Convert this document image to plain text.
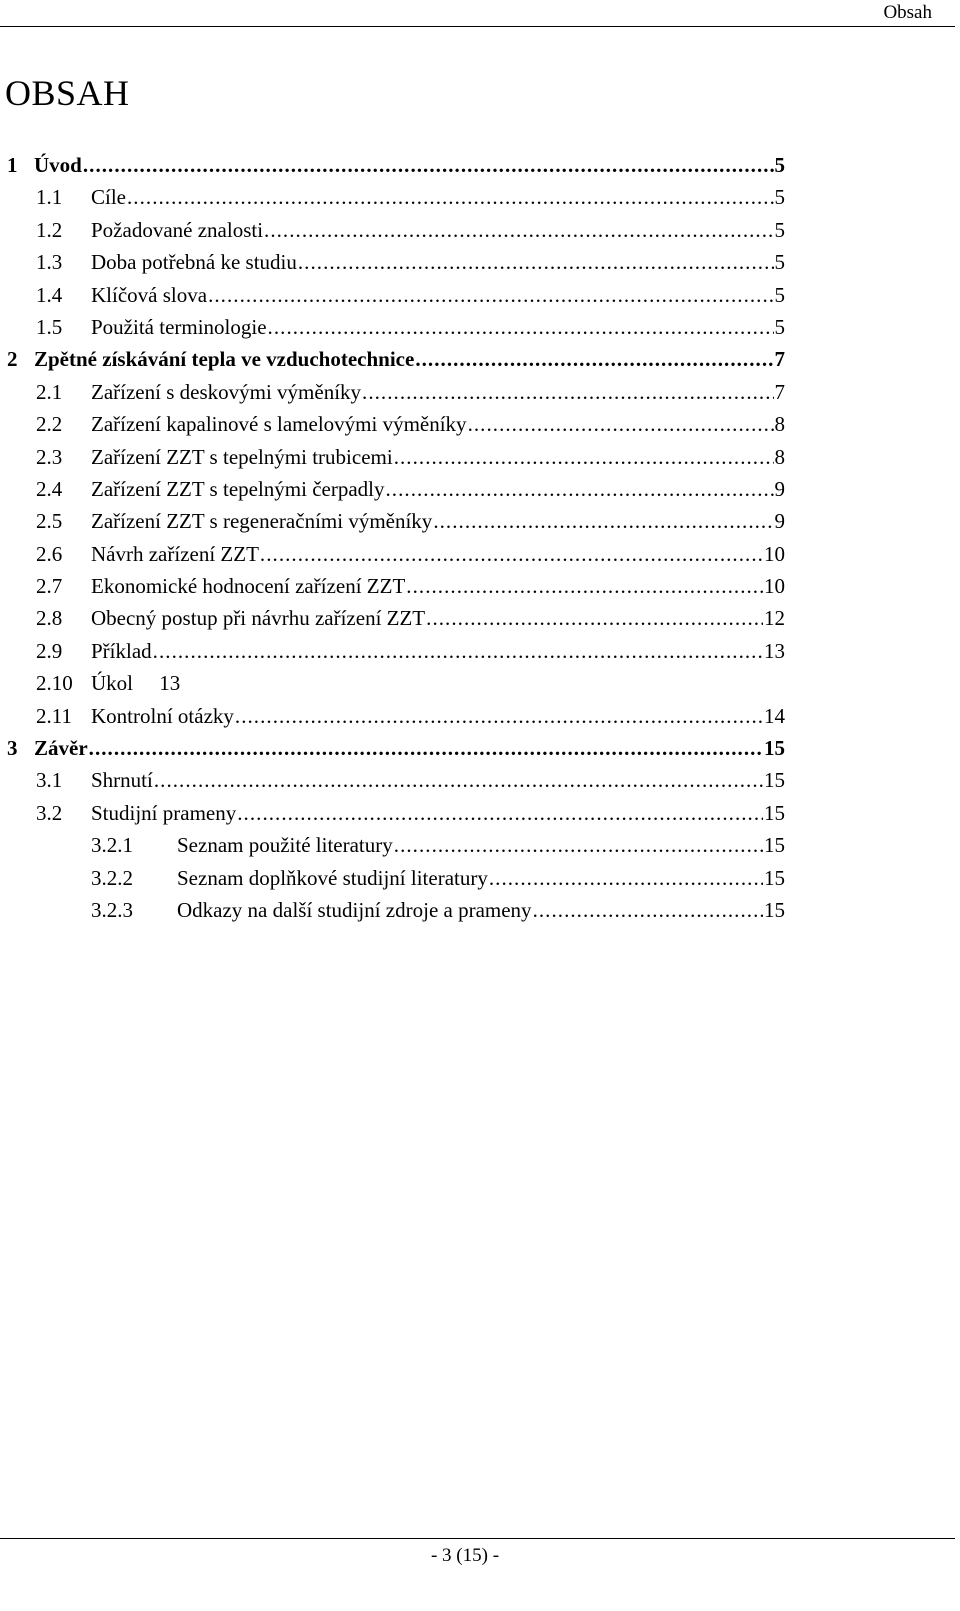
Obsah
OBSAH
1 Úvod . . .	5
1.1 Cíle . . .	5
1.2 Požadované znalosti . . .	5
1.3 Doba potřebná ke studiu . . .	5
1.4 Klíčová slova . . .	5
1.5 Použitá terminologie . . .	5
2 Zpětné získávání tepla ve vzduchotechnice . . .	7
2.1 Zařízení s deskovými výměníky . . .	7
2.2 Zařízení kapalinové s lamelovými výměníky . . .	8
2.3 Zařízení ZZT s tepelnými trubicemi . . .	8
2.4 Zařízení ZZT s tepelnými čerpadly . . .	9
2.5 Zařízení ZZT s regeneračními výměníky . . .	9
2.6 Návrh zařízení ZZT . . .	10
2.7 Ekonomické hodnocení zařízení ZZT . . .	10
2.8 Obecný postup při návrhu zařízení ZZT . . .	12
2.9 Příklad . . .	13
2.10 Úkol     13
2.11 Kontrolní otázky . . .	14
3 Závěr . . .	15
3.1 Shrnutí . . .	15
3.2 Studijní prameny . . .	15
3.2.1 Seznam použité literatury . . .	15
3.2.2 Seznam doplňkové studijní literatury . . .	15
3.2.3 Odkazy na další studijní zdroje a prameny . . .	15
- 3 (15) -
